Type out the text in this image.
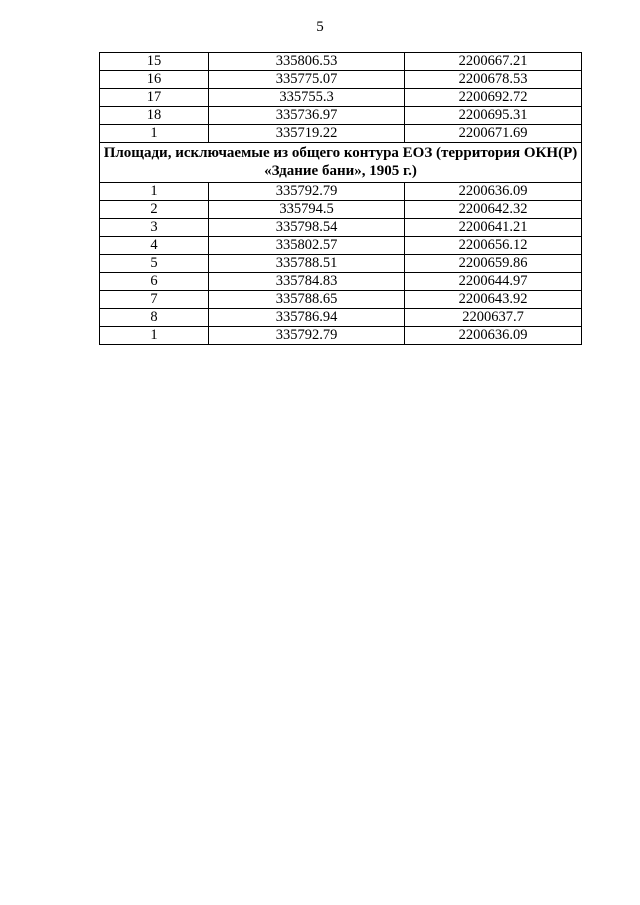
5
15	335806.53	2200667.21
16	335775.07	2200678.53
17	335755.3	2200692.72
18	335736.97	2200695.31
1	335719.22	2200671.69
Площади, исключаемые из общего контура ЕОЗ (территория ОКН(Р)
«Здание бани», 1905 г.)		
1	335792.79	2200636.09
2	335794.5	2200642.32
3	335798.54	2200641.21
4	335802.57	2200656.12
5	335788.51	2200659.86
6	335784.83	2200644.97
7	335788.65	2200643.92
8	335786.94	2200637.7
1	335792.79	2200636.09
